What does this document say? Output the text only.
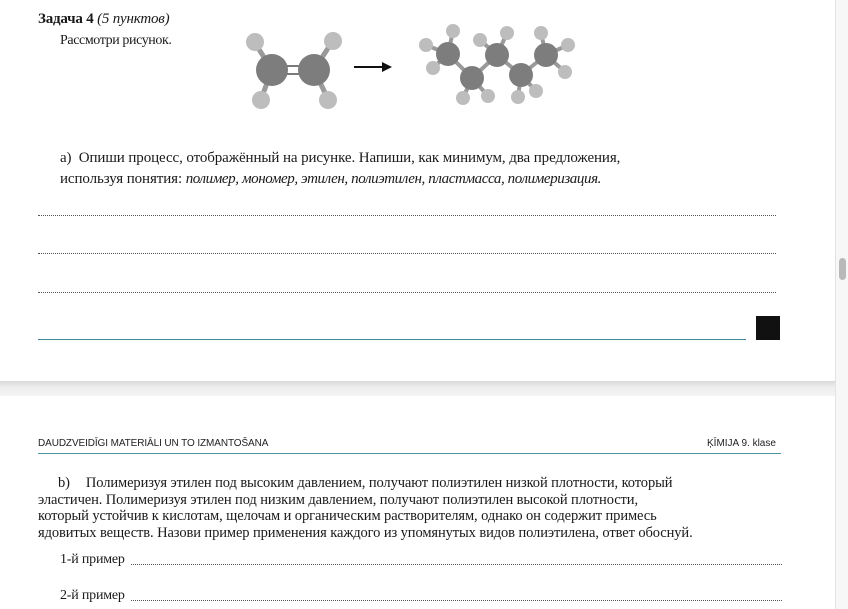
Задача 4 (5 пунктов)
Рассмотри рисунок.
а) Опиши процесс, отображённый на рисунке. Напиши, как минимум, два предложения,
используя понятия: полимер, мономер, этилен, полиэтилен, пластмасса, полимеризация.
DAUDZVEIDĪGI MATERIĀLI UN TO IZMANTOŠANA	ĶĪMIJA 9. klase

b) Полимеризуя этилен под высоким давлением, получают полиэтилен низкой плотности, который

эластичен. Полимеризуя этилен под низким давлением, получают полиэтилен высокой плотности,

который устойчив к кислотам, щелочам и органическим растворителям, однако он содержит примесь

ядовитых веществ. Назови пример применения каждого из упомянутых видов полиэтилена, ответ обоснуй.

1-й пример
2-й пример
